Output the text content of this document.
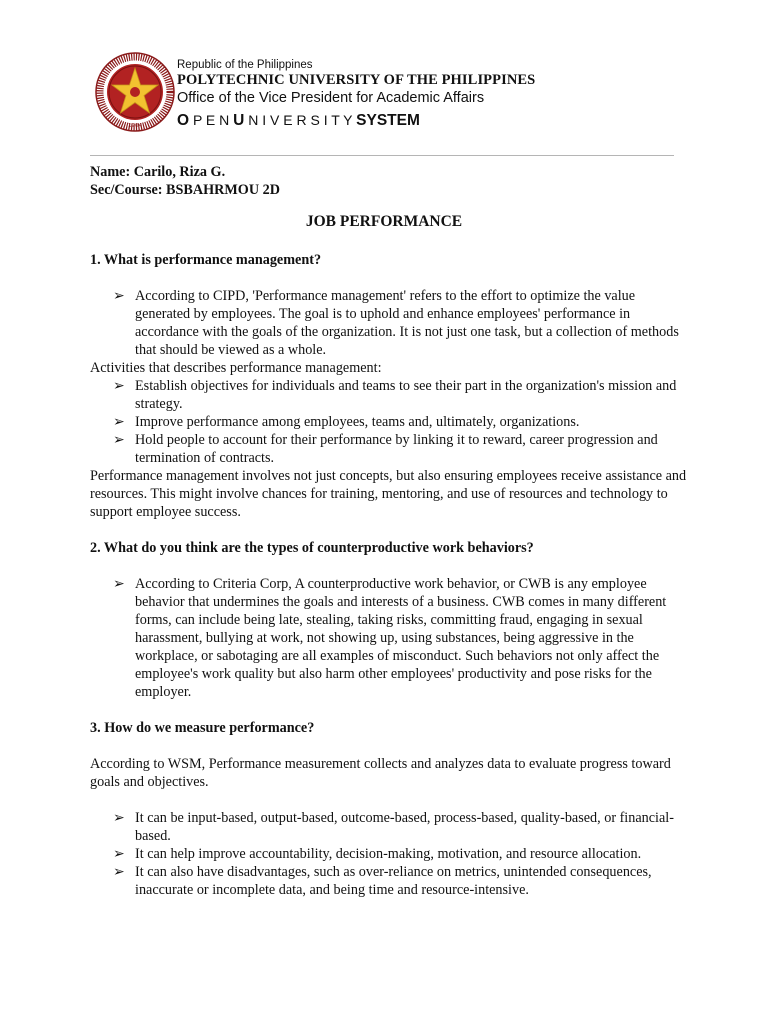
1904
Republic of the Philippines
POLYTECHNIC UNIVERSITY OF THE PHILIPPINES
Office of the Vice President for Academic Affairs
O P E N U N I V E R S I T Y SYSTEM
Name: Carilo, Riza G.
Sec/Course: BSBAHRMOU 2D
JOB PERFORMANCE

1. What is performance management?

➢ According to CIPD, 'Performance management' refers to the effort to optimize the value generated by employees. The goal is to uphold and enhance employees' performance in accordance with the goals of the organization. It is not just one task, but a collection of methods that should be viewed as a whole.

Activities that describes performance management:

➢ Establish objectives for individuals and teams to see their part in the organization's mission and strategy.
➢ Improve performance among employees, teams and, ultimately, organizations.
➢ Hold people to account for their performance by linking it to reward, career progression and termination of contracts.

Performance management involves not just concepts, but also ensuring employees receive assistance and resources. This might involve chances for training, mentoring, and use of resources and technology to support employee success.

2. What do you think are the types of counterproductive work behaviors?

➢ According to Criteria Corp, A counterproductive work behavior, or CWB is any employee behavior that undermines the goals and interests of a business. CWB comes in many different forms, can include being late, stealing, taking risks, committing fraud, engaging in sexual harassment, bullying at work, not showing up, using substances, being aggressive in the workplace, or sabotaging are all examples of misconduct. Such behaviors not only affect the employee's work quality but also harm other employees' productivity and pose risks for the employer.

3. How do we measure performance?

According to WSM, Performance measurement collects and analyzes data to evaluate progress toward goals and objectives.

➢ It can be input-based, output-based, outcome-based, process-based, quality-based, or financial-based.
➢ It can help improve accountability, decision-making, motivation, and resource allocation.
➢ It can also have disadvantages, such as over-reliance on metrics, unintended consequences, inaccurate or incomplete data, and being time and resource-intensive.
